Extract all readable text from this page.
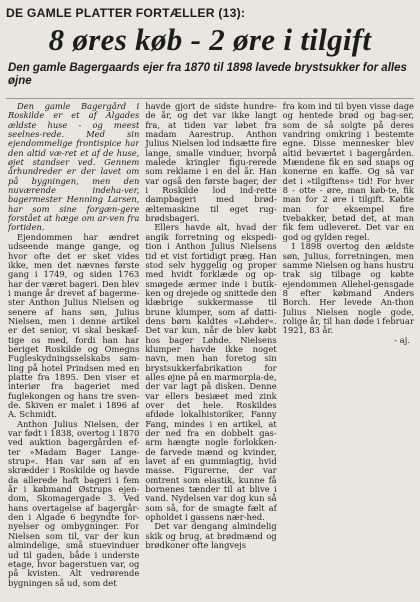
DE GAMLE PLATTER FORTÆLLER (13):
8 øres køb - 2 øre i tilgift
Den gamle Bagergaards ejer fra 1870 til 1898 lavede brystsukker for alles øjne

Den gamle Bagergård i Roskilde er et af Algades ældste huse - og meest seelnes-rede. Med sin ejendommelige frontispice har den altid væ-ret et af de huse, øjet standser ved. Gennem århundreder er der lavet om på bygningen, men den nuværende indeha-ver, bagermester Henning Larsen, har som sine forgæn-gere forstået at hæge om ar-ven fra fortiden.

Ejendommen har ændret udseende mange gange, og hvor ofte det er sket vides ikke, men det nævnes første gang i 1749, og siden 1763 har der været bageri. Den blev i mange år drevet af bagerme-ster Anthon Julius Nielsen og senere af hans søn, Julius Nielsen, men i denne artikel er det senior, vi skal beskæf-tige os med, fordi han har beriget Roskilde og Omegns Fugleskydningsselskabs sam-ling på hotel Prindsen med en platte fra 1895. Den viser et interiør fra bageriet med fuglekongen og hans tre sven-de. Skiven er malet i 1896 af A. Schmidt.

Anthon Julius Nielsen, der var født i 1838, overtog i 1870 ved auktion bagergården ef-ter »Madam Bager Lange-strup«. Han var søn af en skrædder i Roskilde og havde da allerede haft bageri i fem år i købmand Østrups ejen-dom, Skomagergade 3. Ved hans overtagelse af bagergår-den i Algade 6 begyndte for-nyelser og ombygninger. For Nielsen som til, var der kun almindelige, små stuevinduer ud til gaden, både i underste etage, hvor bagerstuen var, og på kvisten. Alt vedrørende bygningen så ud, som det

havde gjort de sidste hundre-de år, og det var ikke langt fra, at tiden var løbet fra madam Aarestrup. Anthon Julius Nielsen lod indsætte fire lange, smalle vinduer, hvorpå malede kringler figu-rerede som reklame i en del år. Han var også den første bager, der i Roskilde lod ind-rette dampbageri med brød-æltemaskine til eget rug-brødsbageri.

Ellers havde alt, hvad der angik forretning og ekspedi-tion i Anthon Julius Nielsens tid et vist fortidigt præg. Han stod selv hyggelig og proper med hvidt forklæde og op-smøgede ærmer inde i butik-ken og drejede og snittede den klæbrige sukkermasse til brune klumper, som af datti-dens børn kaldtes »Løhder«. Det var kun, når de blev købt hos bager Løhde. Nielsens klumper havde ikke noget navn, men han foretog sin brystsukkerfabrikation for alles øjne på en marmorpla-de, der var lagt på disken. Denne var ellers besiæet med zink over det hele. Roskildes afdøde lokalhistoriker, Fanny Fang, mindes i en artikel, at der ned fra en dobbelt gas-arm hængte nogle forlokken-de farvede mænd og kvinder, lavet af en gummiagtig, hvid masse. Figurerne, der var omtrent som elastik, kunne få bornenes tænder til at blive i vand. Nydelsen var dog kun så som så, for de smagte fælt af opholdet i gassens nær-hed.

Det var dengang almindelig skik og brug, at brødmænd og brødkoner ofte langvejs

fra kom ind til byen visse dage og hentede brød og bag-ser, som de så solgte på deres vandring omkring i bestemte egne. Disse mennesker blev altid beværtet i bagergården. Mændene fik en sød snaps og konerne en kaffe. Og så var det i »tilgiftens« tid! For hver 8 - otte - øre, man køb-te, fik man for 2 øre i tilgift. Købte man for eksempel fire tvebakker, betød det, at man fik fem udleveret. Det var en god og gylden regel.

I 1898 overtog den ældste søn, Julius, forretningen, men samme Nielsen og hans hustru trak sig tilbage og købte ejendommen Allehel-gensgade 8 efter købmand Anders Borch. Her levede An-thon Julius Nielsen nogle gode, rolige år, til han døde i februar 1921, 83 år.

- aj.
